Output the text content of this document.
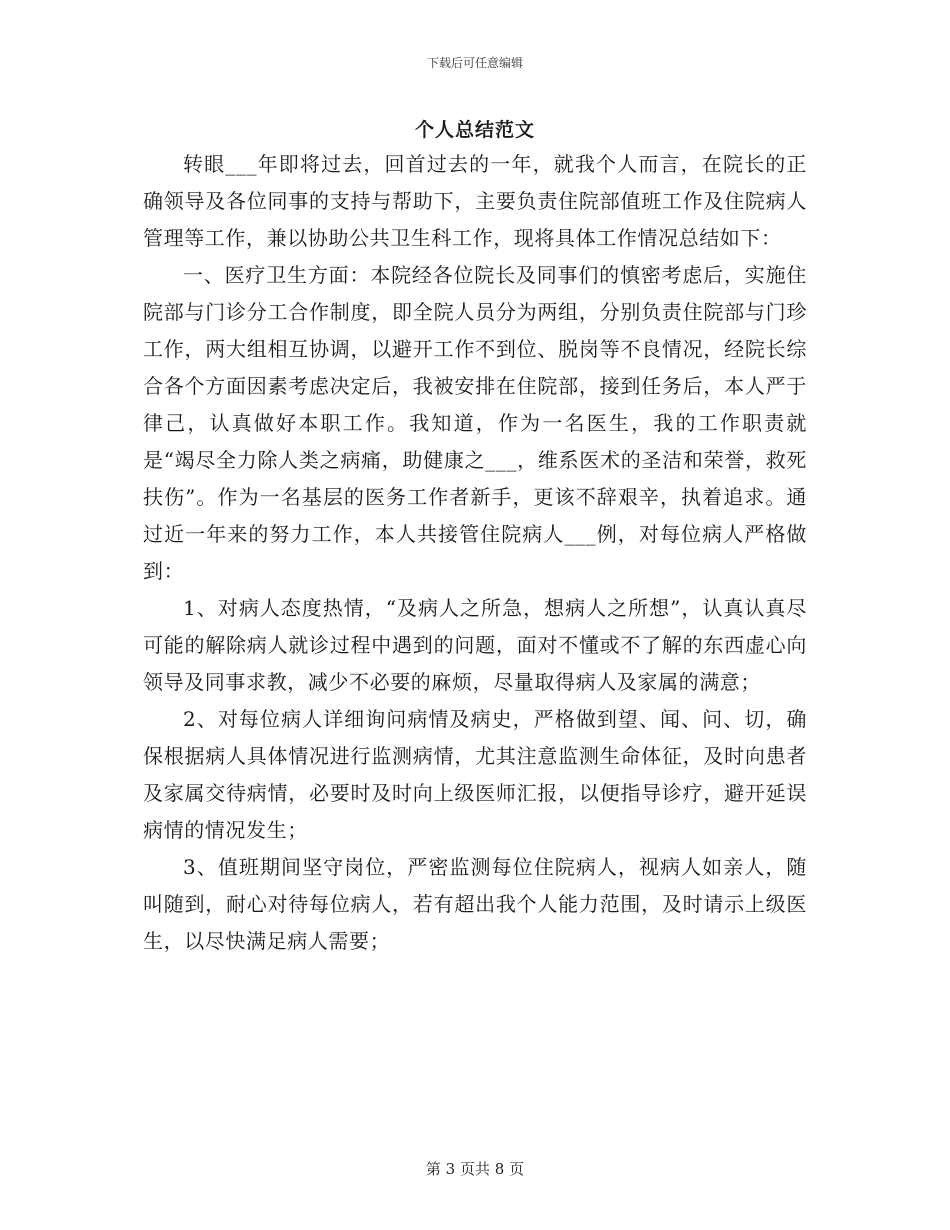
下载后可任意编辑
个人总结范文

转眼___年即将过去，回首过去的一年，就我个人而言，在院长的正确领导及各位同事的支持与帮助下，主要负责住院部值班工作及住院病人管理等工作，兼以协助公共卫生科工作，现将具体工作情况总结如下：

一、医疗卫生方面：本院经各位院长及同事们的慎密考虑后，实施住院部与门诊分工合作制度，即全院人员分为两组，分别负责住院部与门珍工作，两大组相互协调，以避开工作不到位、脱岗等不良情况，经院长综合各个方面因素考虑决定后，我被安排在住院部，接到任务后，本人严于律己，认真做好本职工作。我知道，作为一名医生，我的工作职责就是“竭尽全力除人类之病痛，助健康之___，维系医术的圣洁和荣誉，救死扶伤”。作为一名基层的医务工作者新手，更该不辞艰辛，执着追求。通过近一年来的努力工作，本人共接管住院病人___例，对每位病人严格做到：

1、对病人态度热情，“及病人之所急，想病人之所想”，认真认真尽可能的解除病人就诊过程中遇到的问题，面对不懂或不了解的东西虚心向领导及同事求教，减少不必要的麻烦，尽量取得病人及家属的满意；

2、对每位病人详细询问病情及病史，严格做到望、闻、问、切，确保根据病人具体情况进行监测病情，尤其注意监测生命体征，及时向患者及家属交待病情，必要时及时向上级医师汇报，以便指导诊疗，避开延误病情的情况发生；

3、值班期间坚守岗位，严密监测每位住院病人，视病人如亲人，随叫随到，耐心对待每位病人，若有超出我个人能力范围，及时请示上级医生，以尽快满足病人需要；

第 3 页共 8 页
